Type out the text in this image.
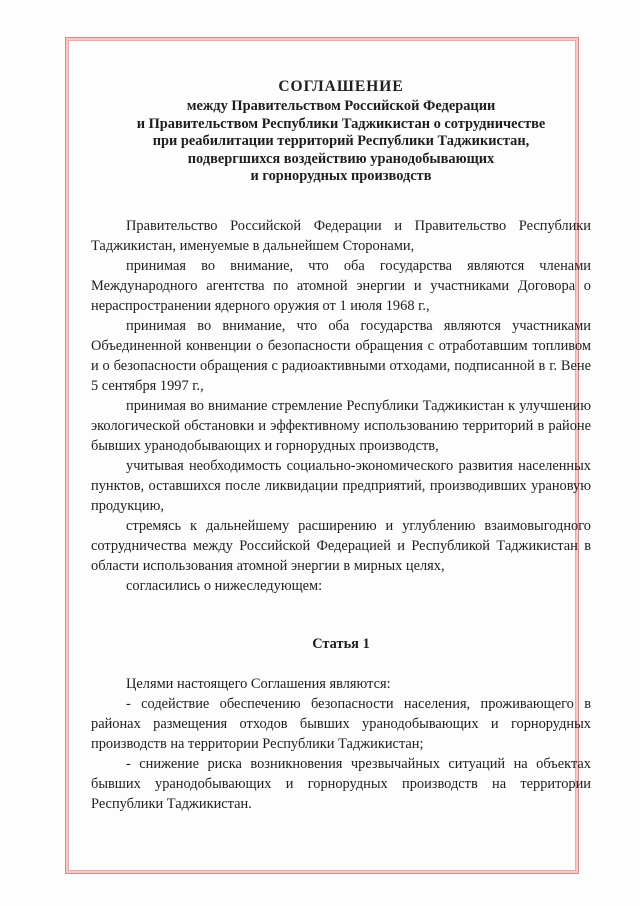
СОГЛАШЕНИЕ
между Правительством Российской Федерации
и Правительством Республики Таджикистан о сотрудничестве
при реабилитации территорий Республики Таджикистан,
подвергшихся воздействию уранодобывающих
и горнорудных производств

Правительство Российской Федерации и Правительство Республики Таджикистан, именуемые в дальнейшем Сторонами,

принимая во внимание, что оба государства являются членами Международного агентства по атомной энергии и участниками Договора о нераспространении ядерного оружия от 1 июля 1968 г.,

принимая во внимание, что оба государства являются участниками Объединенной конвенции о безопасности обращения с отработавшим топливом и о безопасности обращения с радиоактивными отходами, подписанной в г. Вене 5 сентября 1997 г.,

принимая во внимание стремление Республики Таджикистан к улучшению экологической обстановки и эффективному использованию территорий в районе бывших уранодобывающих и горнорудных производств,

учитывая необходимость социально-экономического развития населенных пунктов, оставшихся после ликвидации предприятий, производивших урановую продукцию,

стремясь к дальнейшему расширению и углублению взаимовыгодного сотрудничества между Российской Федерацией и Республикой Таджикистан в области использования атомной энергии в мирных целях,

согласились о нижеследующем:

Статья 1

Целями настоящего Соглашения являются:

- содействие обеспечению безопасности населения, проживающего в районах размещения отходов бывших уранодобывающих и горнорудных производств на территории Республики Таджикистан;

- снижение риска возникновения чрезвычайных ситуаций на объектах бывших уранодобывающих и горнорудных производств на территории Республики Таджикистан.
